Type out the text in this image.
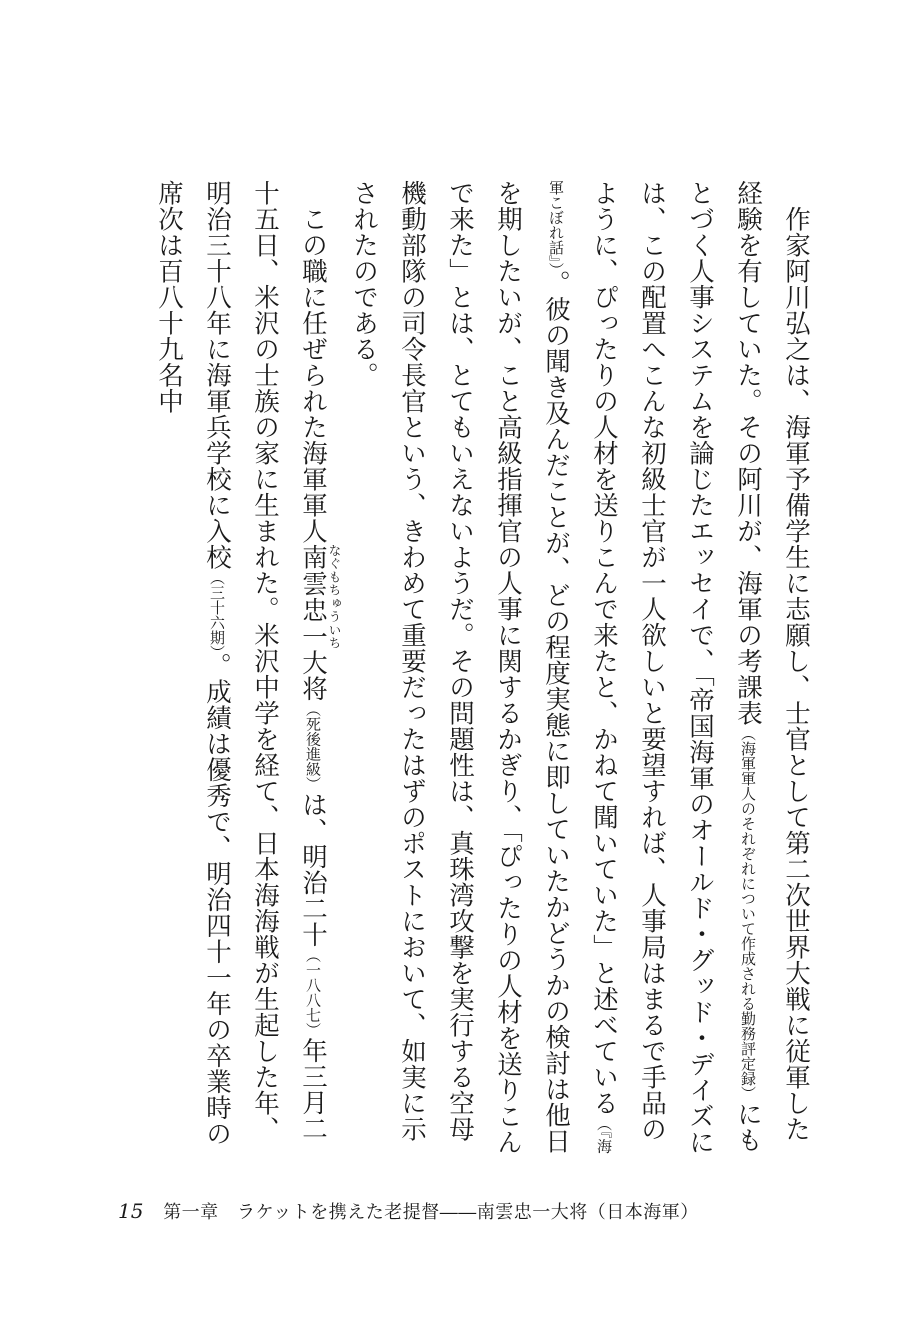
作家阿川弘之は、海軍予備学生に志願し、士官として第二次世界大戦に従軍した経験を有していた。その阿川が、海軍の考課表（海軍軍人のそれぞれについて作成される勤務評定録）にもとづく人事システムを論じたエッセイで、「帝国海軍のオールド・グッド・デイズには、この配置へこんな初級士官が一人欲しいと要望すれば、人事局はまるで手品のように、ぴったりの人材を送りこんで来たと、かねて聞いていた」と述べている（『海軍こぼれ話』）。彼の聞き及んだことが、どの程度実態に即していたかどうかの検討は他日を期したいが、こと高級指揮官の人事に関するかぎり、「ぴったりの人材を送りこんで来た」とは、とてもいえないようだ。その問題性は、真珠湾攻撃を実行する空母機動部隊の司令長官という、きわめて重要だったはずのポストにおいて、如実に示されたのである。

この職に任ぜられた海軍軍人南雲忠一なぐもちゅういち大将（死後進級）は、明治二十（一八八七）年三月二十五日、米沢の士族の家に生まれた。米沢中学を経て、日本海海戦が生起した年、明治三十八年に海軍兵学校に入校（三十六期）。成績は優秀で、明治四十一年の卒業時の席次は百八十九名中

15 第一章　ラケットを携えた老提督――南雲忠一大将（日本海軍）
